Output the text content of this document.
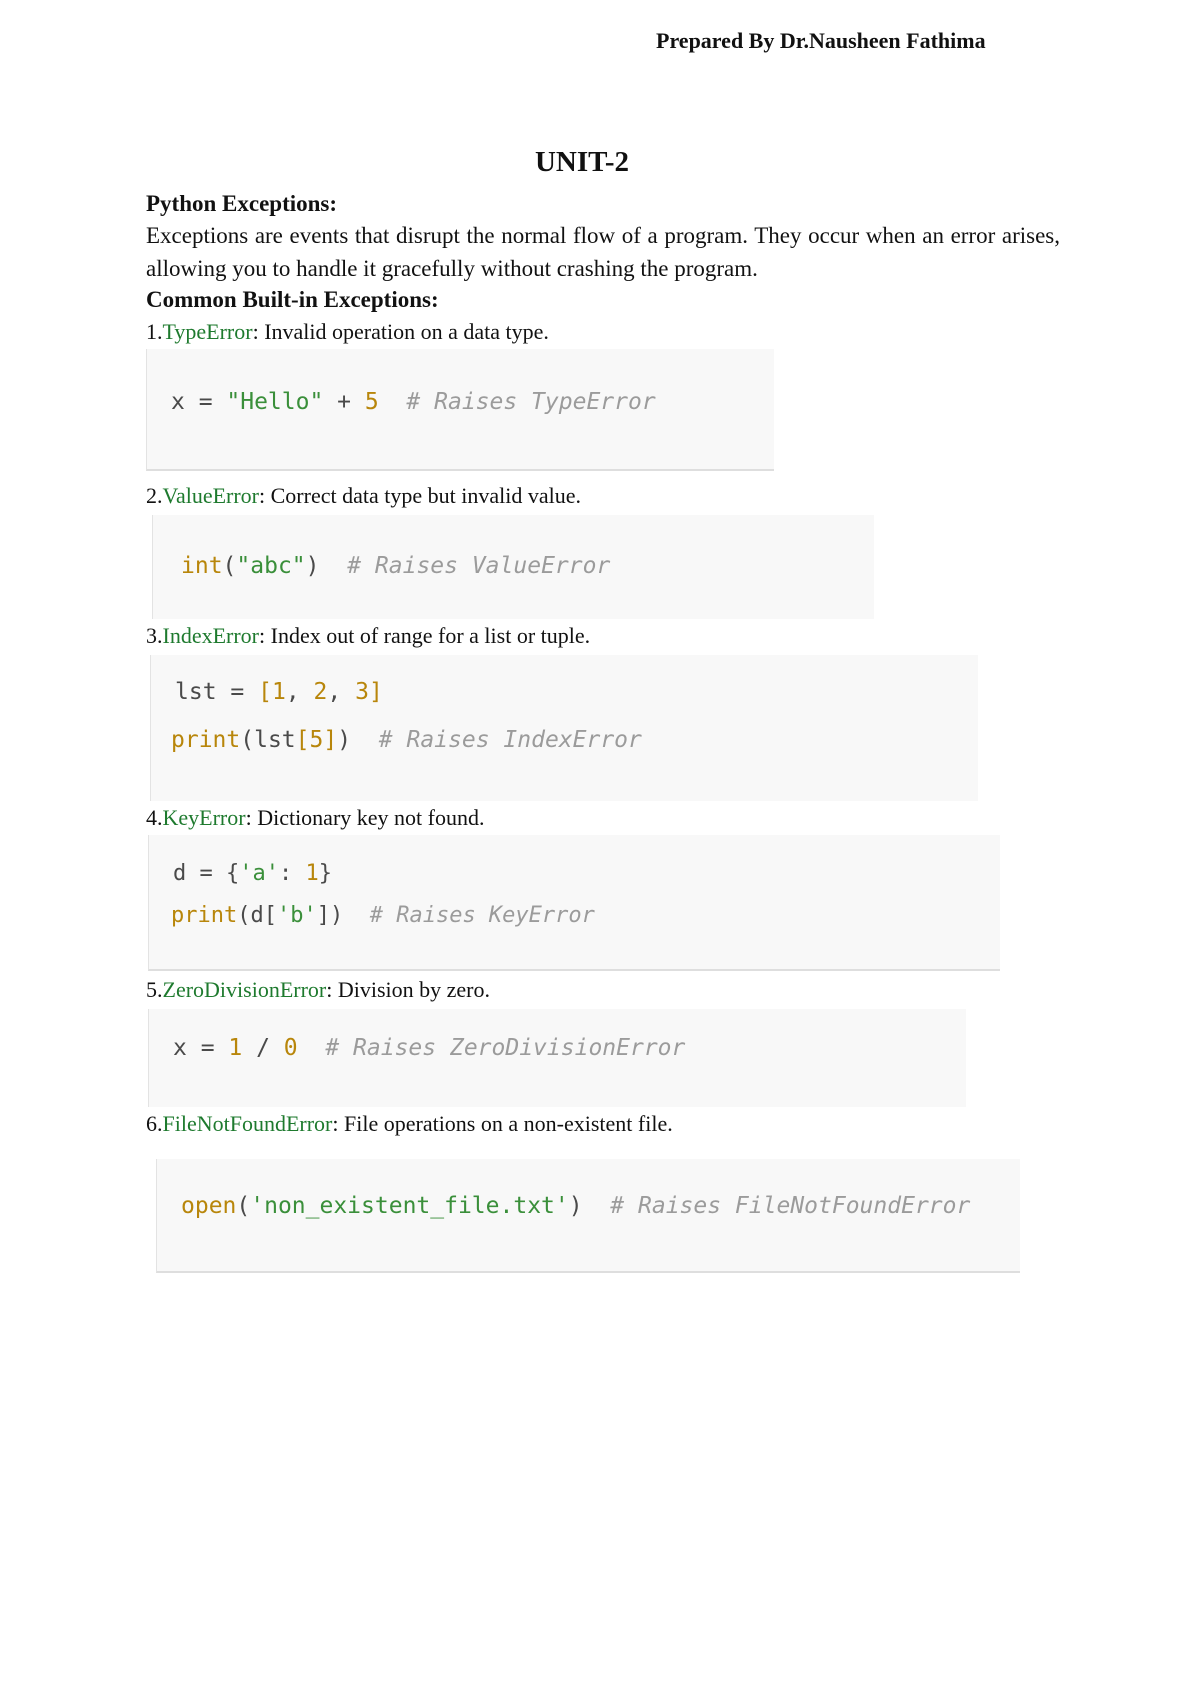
Prepared By Dr.Nausheen Fathima
UNIT-2
Python Exceptions:

Exceptions are events that disrupt the normal flow of a program. They occur when an error arises, allowing you to handle it gracefully without crashing the program.

Common Built-in Exceptions:
1.TypeError: Invalid operation on a data type.
x = "Hello" + 5  # Raises TypeError
2.ValueError: Correct data type but invalid value.
int("abc")  # Raises ValueError
3.IndexError: Index out of range for a list or tuple.
lst = [1, 2, 3]
print(lst[5])  # Raises IndexError
4.KeyError: Dictionary key not found.
d = {'a': 1}
print(d['b'])  # Raises KeyError
5.ZeroDivisionError: Division by zero.
x = 1 / 0  # Raises ZeroDivisionError
6.FileNotFoundError: File operations on a non-existent file.
open('non_existent_file.txt')  # Raises FileNotFoundError
